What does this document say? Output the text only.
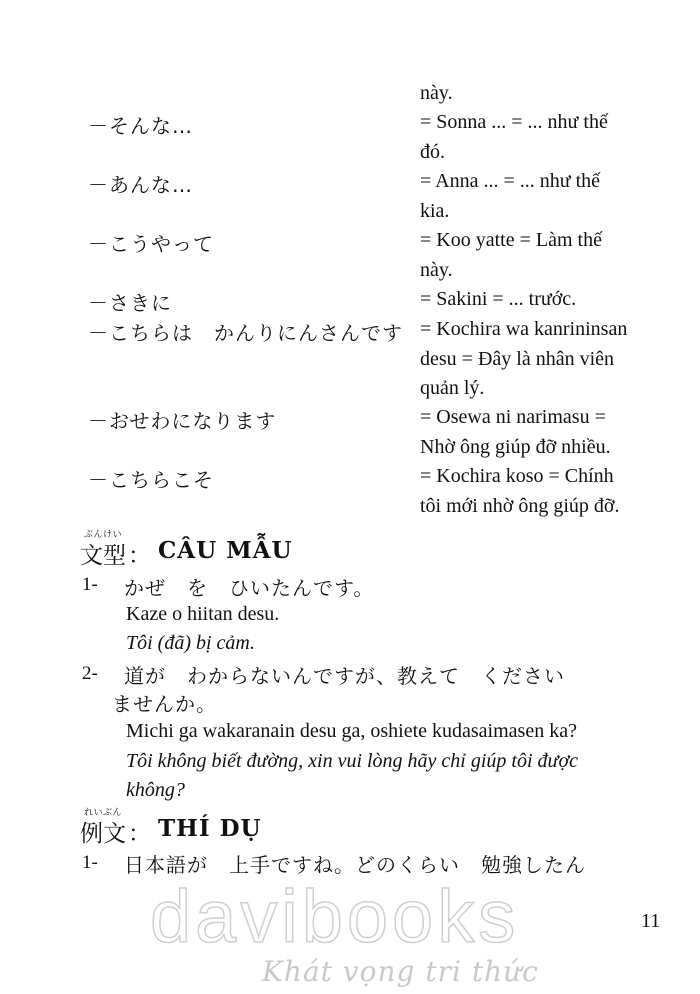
này.
－そんな…	= Sonna ... = ... như thế
đó.
－あんな…	= Anna ... = ... như thế
kia.
－こうやって	= Koo yatte = Làm thế
này.
－さきに	= Sakini = ... trước.
－こちらは　かんりにんさんです = Kochira wa kanrininsan
desu = Đây là nhân viên
quản lý.
－おせわになります	= Osewa ni narimasu =
Nhờ ông giúp đỡ nhiều.
－こちらこそ	= Kochira koso = Chính
tôi mới nhờ ông giúp đỡ.
ぶんけい
文型 ： CÂU MẪU
1- かぜ　を　ひいたんです。
Kaze o hiitan desu.
Tôi (đã) bị cảm.
2- 道が　わからないんですが、教えて　ください
ませんか。
Michi ga wakaranain desu ga, oshiete kudasaimasen ka?
Tôi không biết đường, xin vui lòng hãy chỉ giúp tôi được
không?
れいぶん
例文 ： THÍ DỤ
1- 日本語が　上手ですね。どのくらい　勉強したん
davibooks
Khát vọng tri thức
11
